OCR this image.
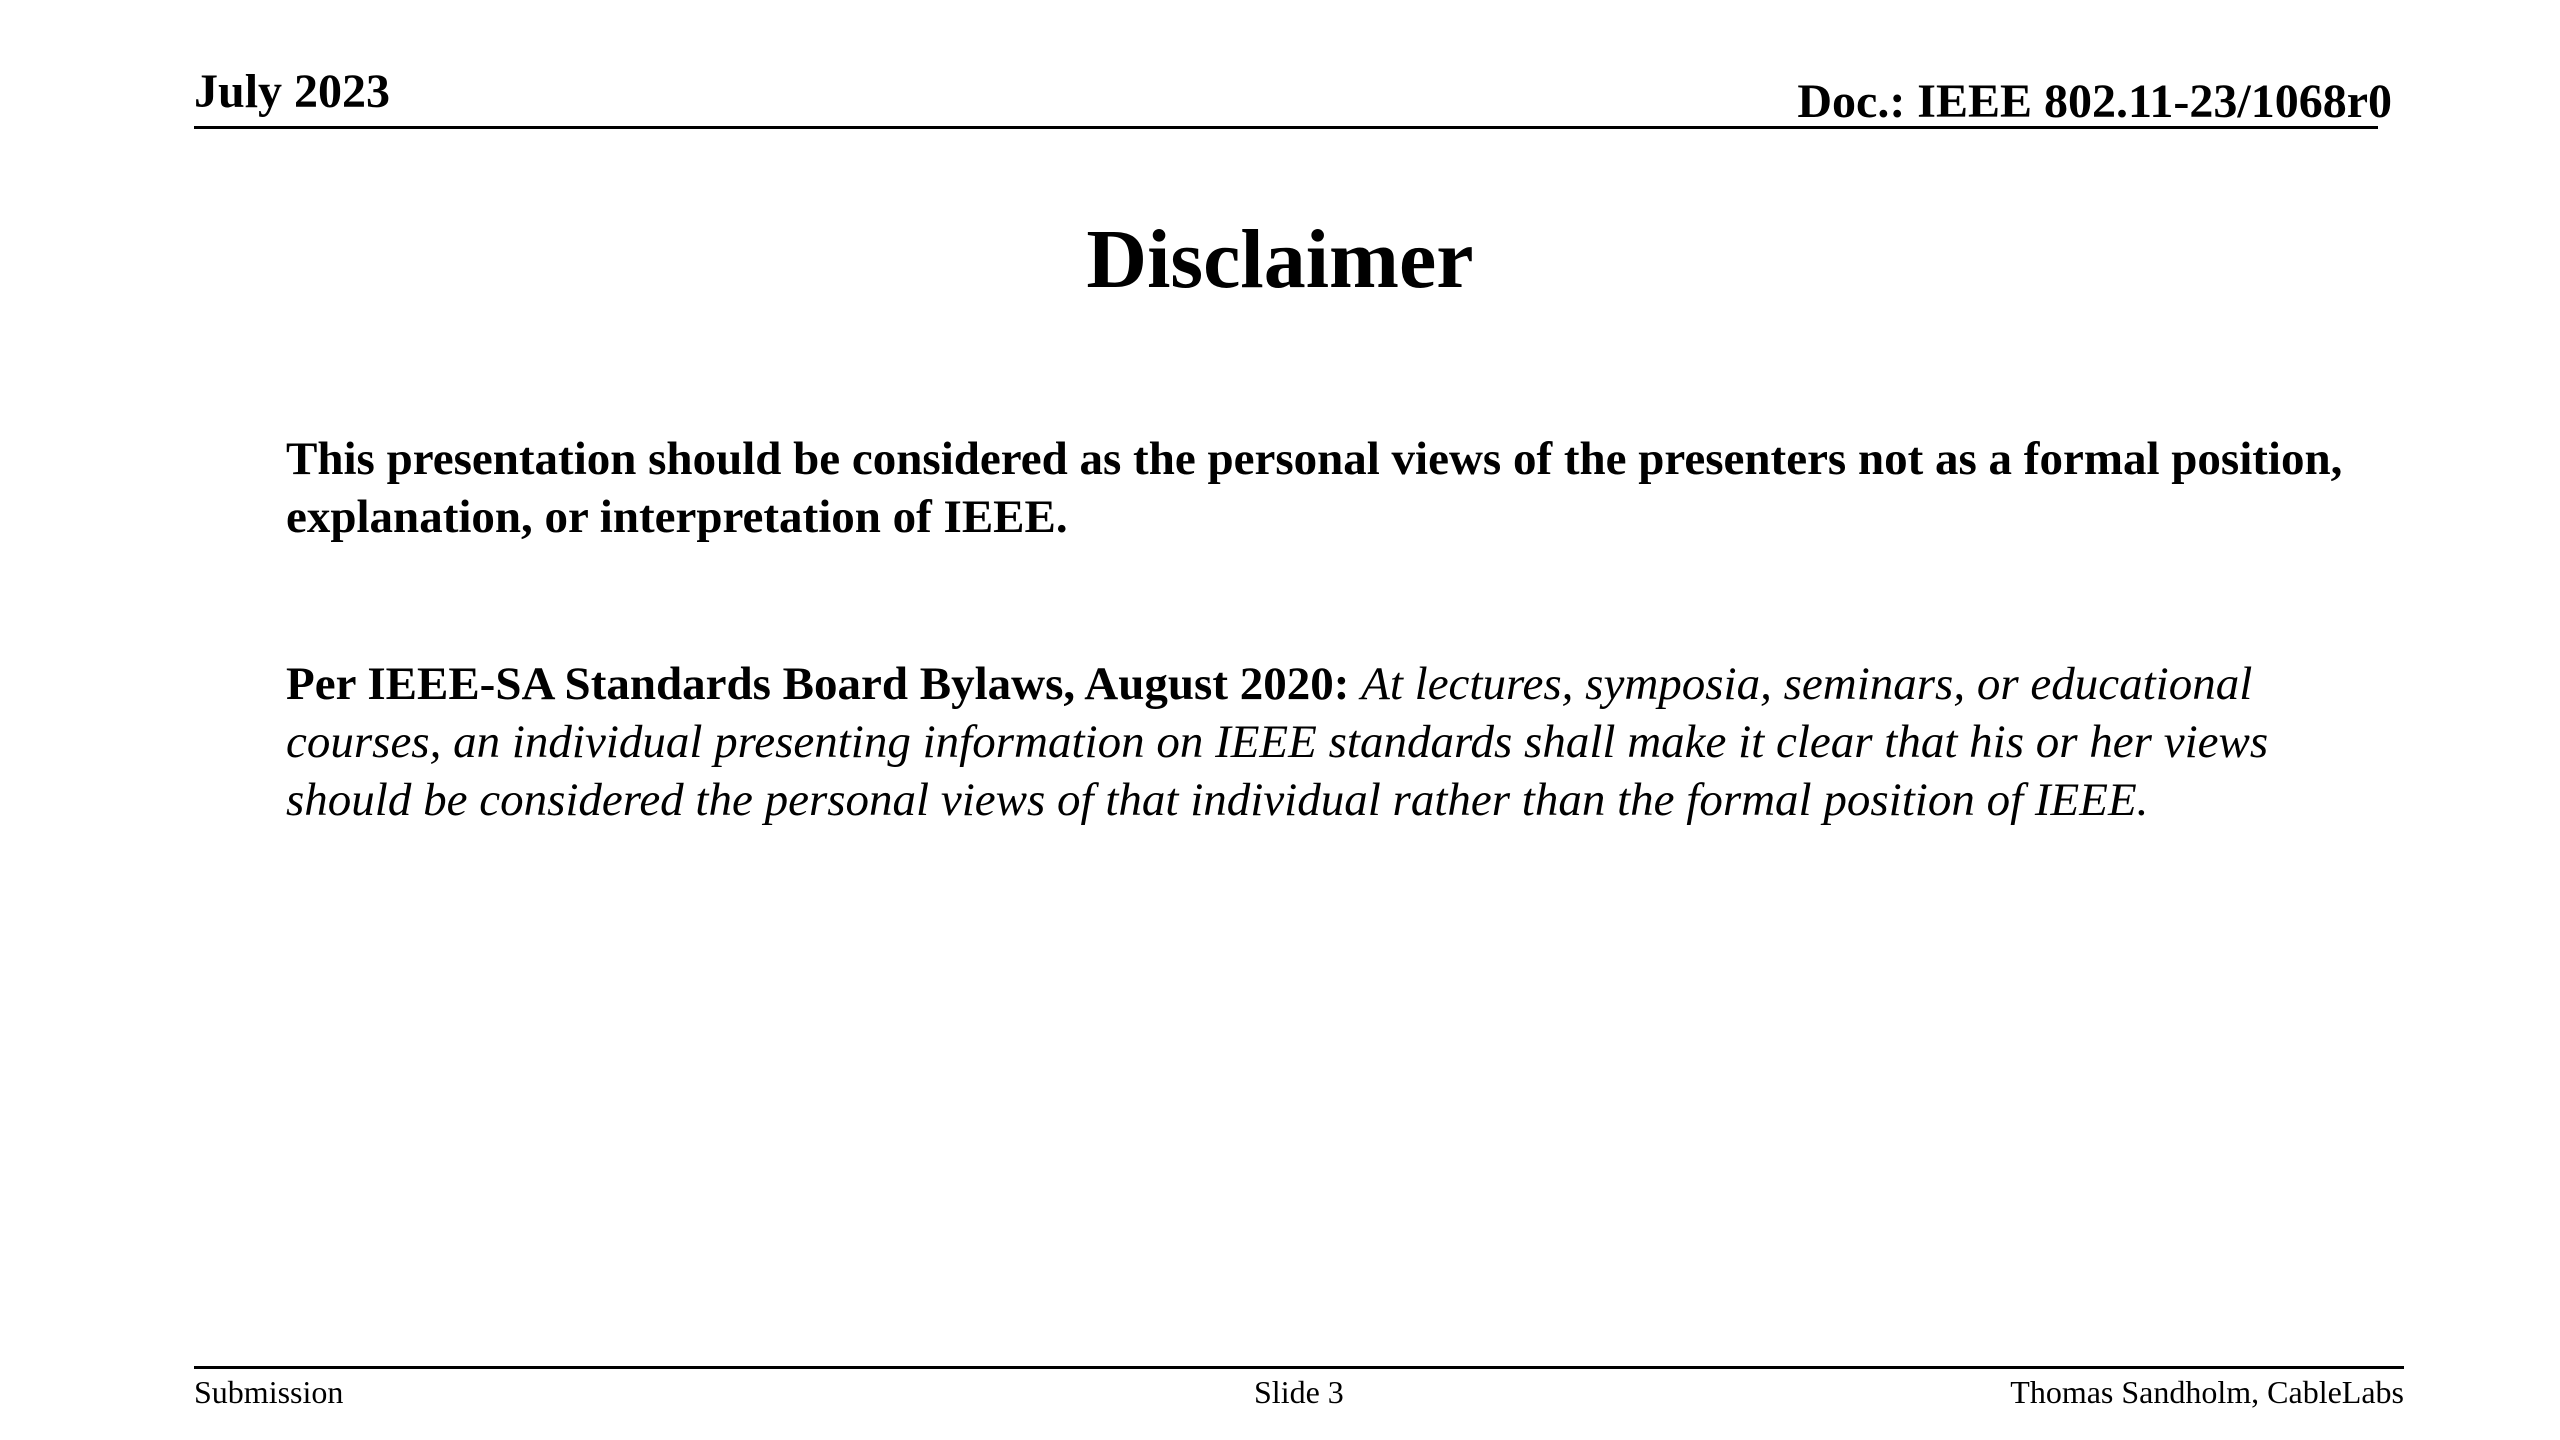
July 2023	Doc.: IEEE 802.11-23/1068r0
Disclaimer

This presentation should be considered as the personal views of the presenters not as a formal position, explanation, or interpretation of IEEE.

Per IEEE-SA Standards Board Bylaws, August 2020: At lectures, symposia, seminars, or educational courses, an individual presenting information on IEEE standards shall make it clear that his or her views should be considered the personal views of that individual rather than the formal position of IEEE.

Submission	Slide 3	Thomas Sandholm, CableLabs
